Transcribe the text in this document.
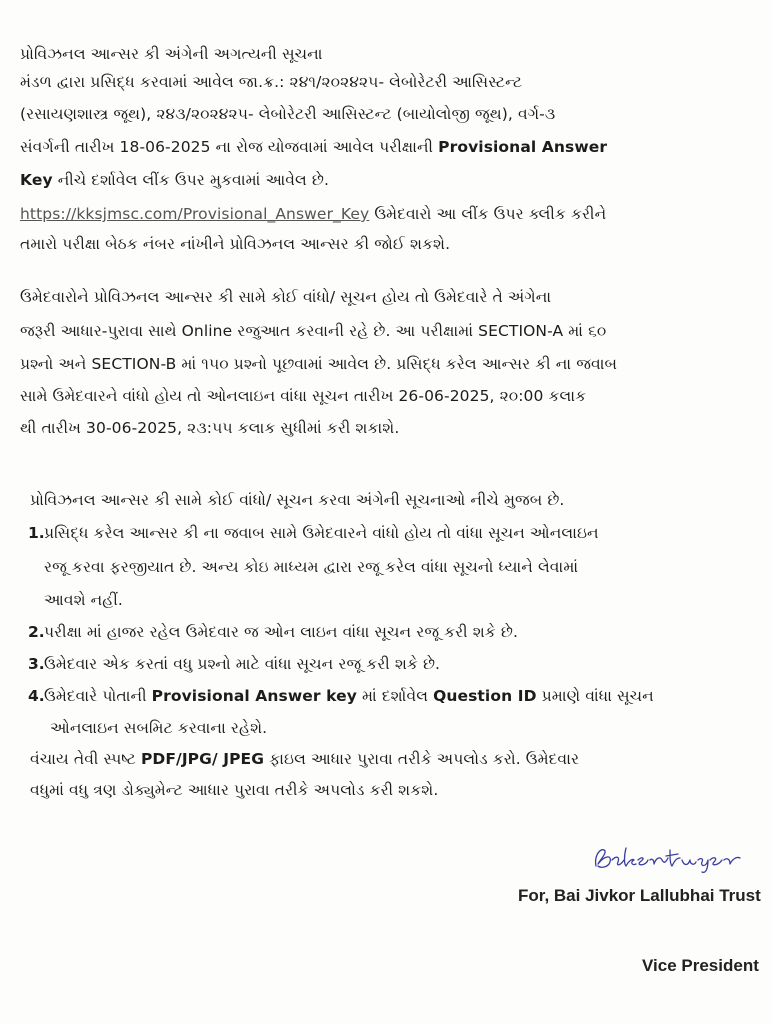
પ્રોવિઝનલ આન્સર કી અંગેની અગત્યની સૂચના
મંડળ દ્વારા પ્રસિદ્ધ કરવામાં આવેલ જા.ક્ર.: ૨૪૧/૨૦૨૪૨૫- લેબોરેટરી આસિસ્ટન્ટ
(રસાયણશાસ્ત્ર જૂથ), ૨૪૩/૨૦૨૪૨૫- લેબોરેટરી આસિસ્ટન્ટ (બાયોલોજી જૂથ), વર્ગ-૩
સંવર્ગની તારીખ 18-06-2025 ના રોજ યોજવામાં આવેલ પરીક્ષાની Provisional Answer
Key નીચે દર્શાવેલ લીંક ઉપર મુકવામાં આવેલ છે.
https://kksjmsc.com/Provisional_Answer_Key ઉમેદવારો આ લીંક ઉપર ક્લીક કરીને
તમારો પરીક્ષા બેઠક નંબર નાંખીને પ્રોવિઝનલ આન્સર કી જોઈ શકશે.
ઉમેદવારોને પ્રોવિઝનલ આન્સર કી સામે કોઈ વાંધો/ સૂચન હોય તો ઉમેદવારે તે અંગેના
જરૂરી આધાર-પુરાવા સાથે Online રજુઆત કરવાની રહે છે. આ પરીક્ષામાં SECTION-A માં ૬૦
પ્રશ્નો અને SECTION-B માં ૧૫૦ પ્રશ્નો પૂછવામાં આવેલ છે. પ્રસિદ્ધ કરેલ આન્સર કી ના જવાબ
સામે ઉમેદવારને વાંધો હોય તો ઓનલાઇન વાંધા સૂચન તારીખ 26-06-2025, ૨૦:00 કલાક
થી તારીખ 30-06-2025, ૨૩:૫૫ કલાક સુધીમાં કરી શકાશે.
પ્રોવિઝનલ આન્સર કી સામે કોઈ વાંધો/ સૂચન કરવા અંગેની સૂચનાઓ નીચે મુજબ છે.
1. પ્રસિદ્ધ કરેલ આન્સર કી ના જવાબ સામે ઉમેદવારને વાંધો હોય તો વાંધા સૂચન ઓનલાઇન
રજૂ કરવા ફરજીયાત છે. અન્ય કોઇ માધ્યમ દ્વારા રજૂ કરેલ વાંધા સૂચનો ધ્યાને લેવામાં
આવશે નહીં.
2. પરીક્ષા માં હાજર રહેલ ઉમેદવાર જ ઓન લાઇન વાંધા સૂચન રજૂ કરી શકે છે.
3. ઉમેદવાર એક કરતાં વધુ પ્રશ્નો માટે વાંધા સૂચન રજૂ કરી શકે છે.
4. ઉમેદવારે પોતાની Provisional Answer key માં દર્શાવેલ Question ID પ્રમાણે વાંધા સૂચન
ઓનલાઇન સબમિટ કરવાના રહેશે.
વંચાય તેવી સ્પષ્ટ PDF/JPG/ JPEG ફાઇલ આધાર પુરાવા તરીકે અપલોડ કરો. ઉમેદવાર
વધુમાં વધુ ત્રણ ડોક્યુમેન્ટ આધાર પુરાવા તરીકે અપલોડ કરી શકશે.
For, Bai Jivkor Lallubhai Trust
Vice President
